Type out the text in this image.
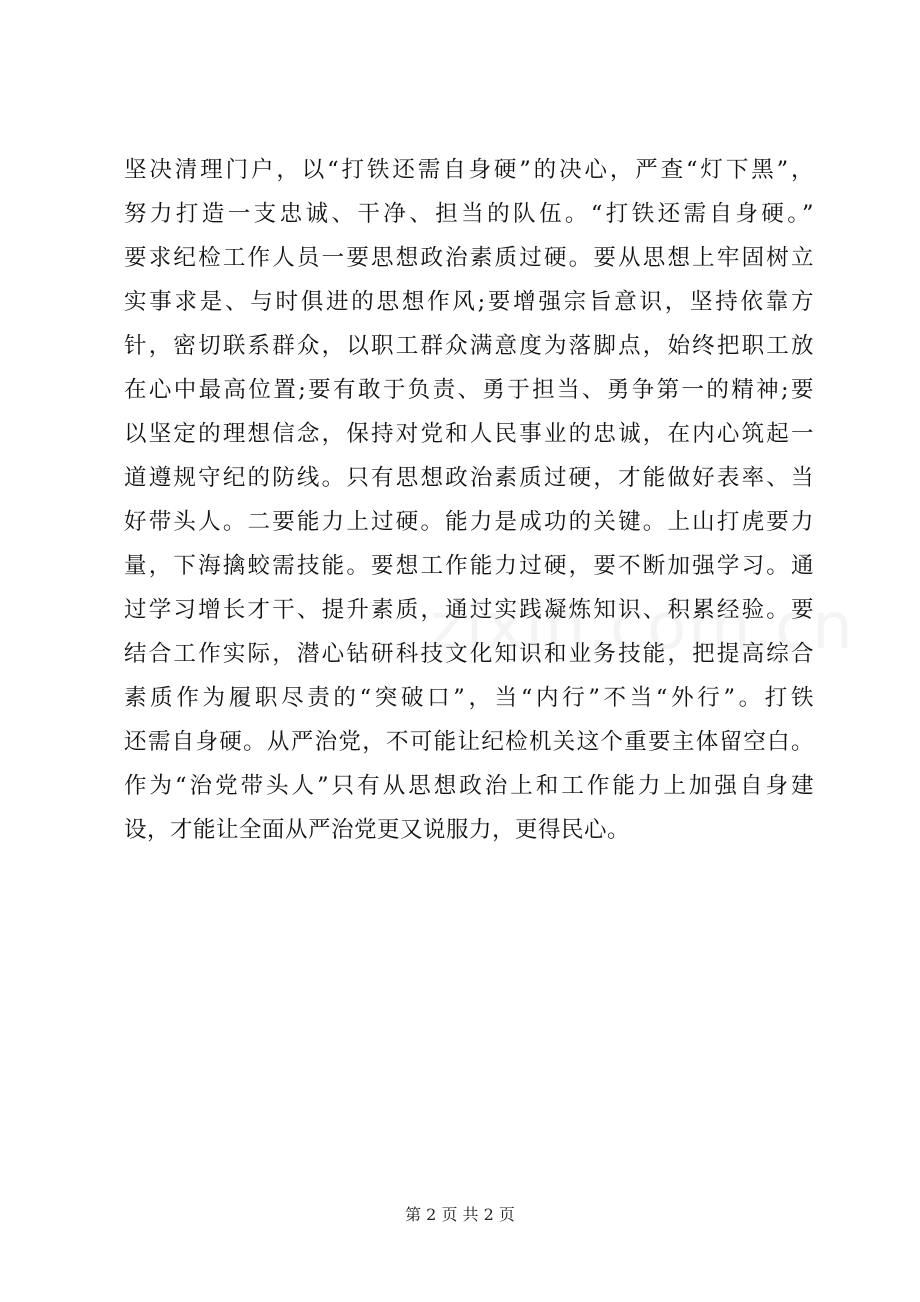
坚决清理门户，以“打铁还需自身硬”的决心，严查“灯下黑”，
努力打造一支忠诚、干净、担当的队伍。“打铁还需自身硬。”
要求纪检工作人员一要思想政治素质过硬。要从思想上牢固树立
实事求是、与时俱进的思想作风;要增强宗旨意识，坚持依靠方
针，密切联系群众，以职工群众满意度为落脚点，始终把职工放
在心中最高位置;要有敢于负责、勇于担当、勇争第一的精神;要
以坚定的理想信念，保持对党和人民事业的忠诚，在内心筑起一
道遵规守纪的防线。只有思想政治素质过硬，才能做好表率、当
好带头人。二要能力上过硬。能力是成功的关键。上山打虎要力
量，下海擒蛟需技能。要想工作能力过硬，要不断加强学习。通
过学习增长才干、提升素质，通过实践凝炼知识、积累经验。要
结合工作实际，潜心钻研科技文化知识和业务技能，把提高综合
素质作为履职尽责的“突破口”，当“内行”不当“外行”。打铁
还需自身硬。从严治党，不可能让纪检机关这个重要主体留空白。
作为“治党带头人”只有从思想政治上和工作能力上加强自身建
设，才能让全面从严治党更又说服力，更得民心。
第 2 页 共 2 页
